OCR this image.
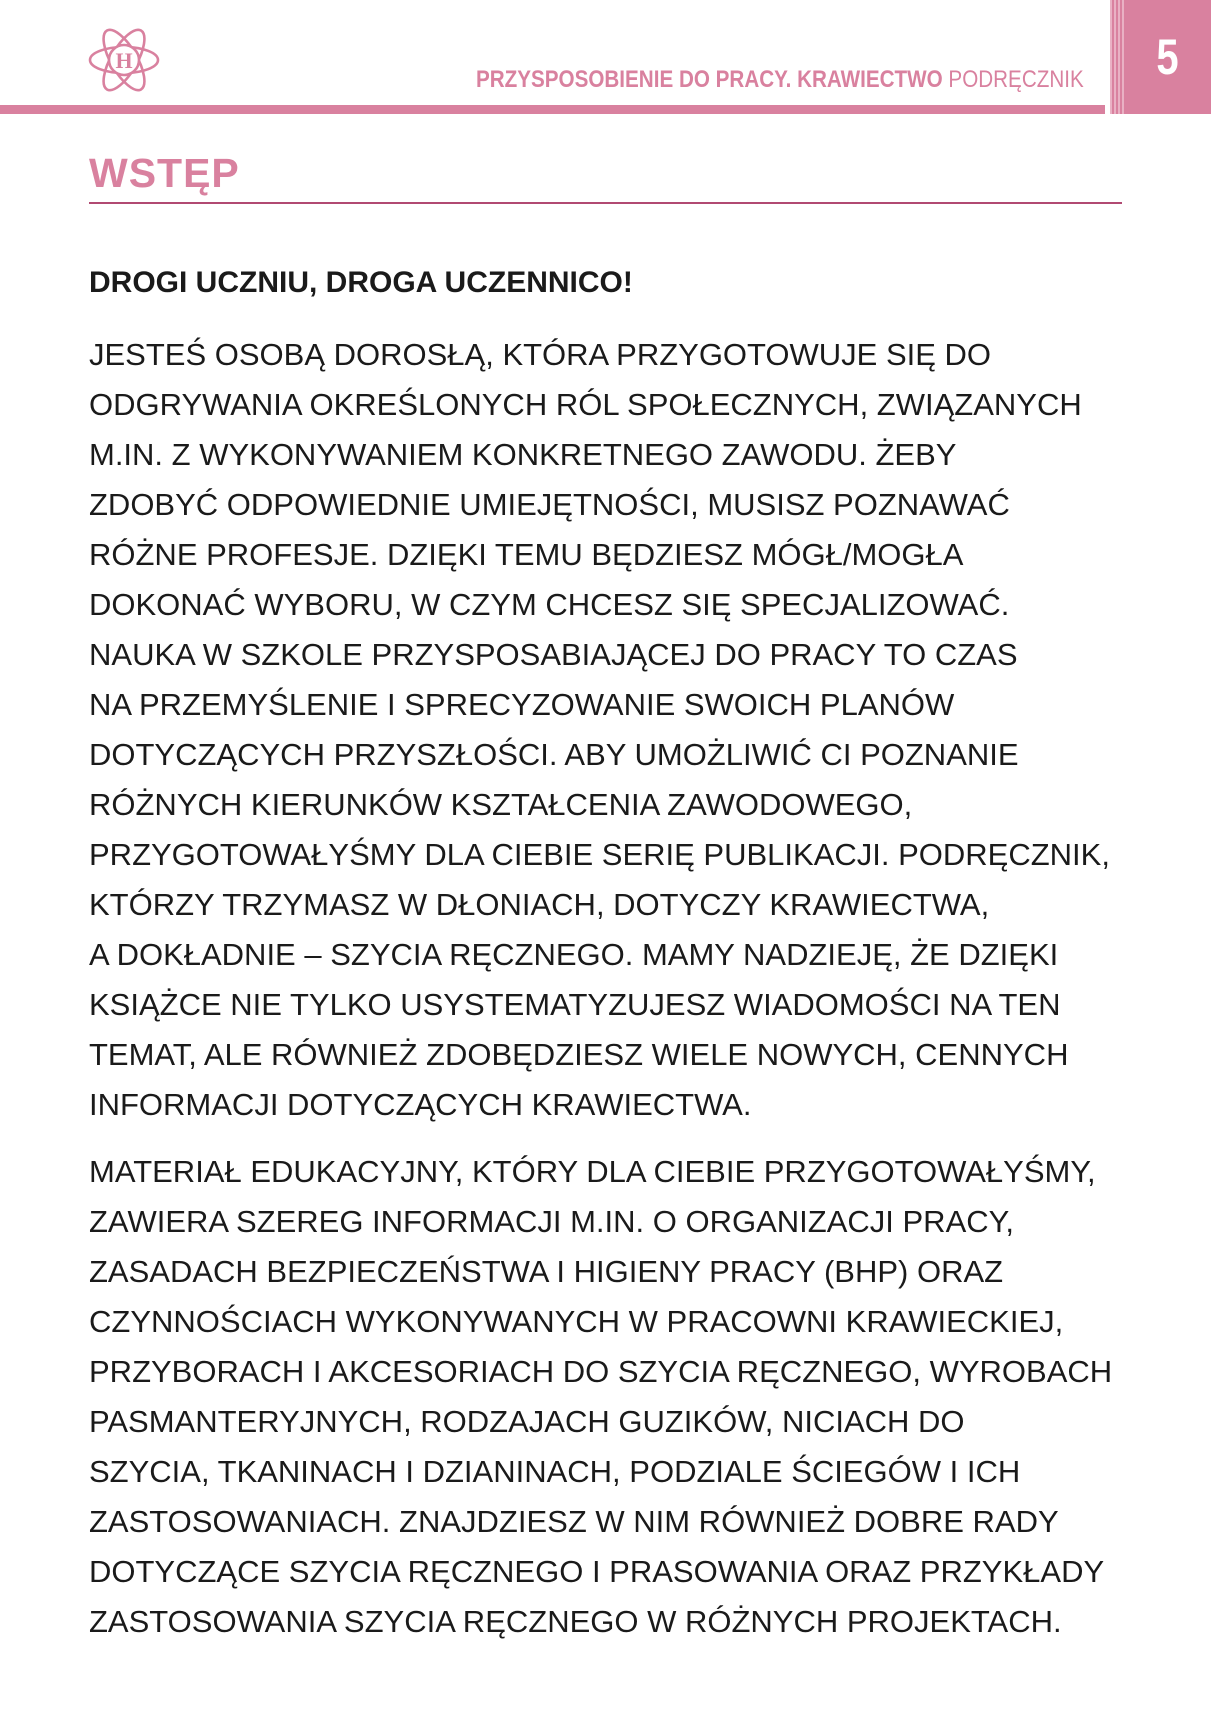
H
PRZYSPOSOBIENIE DO PRACY. KRAWIECTWO PODRĘCZNIK	5
WSTĘP
DROGI UCZNIU, DROGA UCZENNICO!
JESTEŚ OSOBĄ DOROSŁĄ, KTÓRA PRZYGOTOWUJE SIĘ DO
ODGRYWANIA OKREŚLONYCH RÓL SPOŁECZNYCH, ZWIĄZANYCH
M.IN. Z WYKONYWANIEM KONKRETNEGO ZAWODU. ŻEBY
ZDOBYĆ ODPOWIEDNIE UMIEJĘTNOŚCI, MUSISZ POZNAWAĆ
RÓŻNE PROFESJE. DZIĘKI TEMU BĘDZIESZ MÓGŁ/MOGŁA
DOKONAĆ WYBORU, W CZYM CHCESZ SIĘ SPECJALIZOWAĆ.
NAUKA W SZKOLE PRZYSPOSABIAJĄCEJ DO PRACY TO CZAS
NA PRZEMYŚLENIE I SPRECYZOWANIE SWOICH PLANÓW
DOTYCZĄCYCH PRZYSZŁOŚCI. ABY UMOŻLIWIĆ CI POZNANIE
RÓŻNYCH KIERUNKÓW KSZTAŁCENIA ZAWODOWEGO,
PRZYGOTOWAŁYŚMY DLA CIEBIE SERIĘ PUBLIKACJI. PODRĘCZNIK,
KTÓRZY TRZYMASZ W DŁONIACH, DOTYCZY KRAWIECTWA,
A DOKŁADNIE – SZYCIA RĘCZNEGO. MAMY NADZIEJĘ, ŻE DZIĘKI
KSIĄŻCE NIE TYLKO USYSTEMATYZUJESZ WIADOMOŚCI NA TEN
TEMAT, ALE RÓWNIEŻ ZDOBĘDZIESZ WIELE NOWYCH, CENNYCH
INFORMACJI DOTYCZĄCYCH KRAWIECTWA.
MATERIAŁ EDUKACYJNY, KTÓRY DLA CIEBIE PRZYGOTOWAŁYŚMY,
ZAWIERA SZEREG INFORMACJI M.IN. O ORGANIZACJI PRACY,
ZASADACH BEZPIECZEŃSTWA I HIGIENY PRACY (BHP) ORAZ
CZYNNOŚCIACH WYKONYWANYCH W PRACOWNI KRAWIECKIEJ,
PRZYBORACH I AKCESORIACH DO SZYCIA RĘCZNEGO, WYROBACH
PASMANTERYJNYCH, RODZAJACH GUZIKÓW, NICIACH DO
SZYCIA, TKANINACH I DZIANINACH, PODZIALE ŚCIEGÓW I ICH
ZASTOSOWANIACH. ZNAJDZIESZ W NIM RÓWNIEŻ DOBRE RADY
DOTYCZĄCE SZYCIA RĘCZNEGO I PRASOWANIA ORAZ PRZYKŁADY
ZASTOSOWANIA SZYCIA RĘCZNEGO W RÓŻNYCH PROJEKTACH.
